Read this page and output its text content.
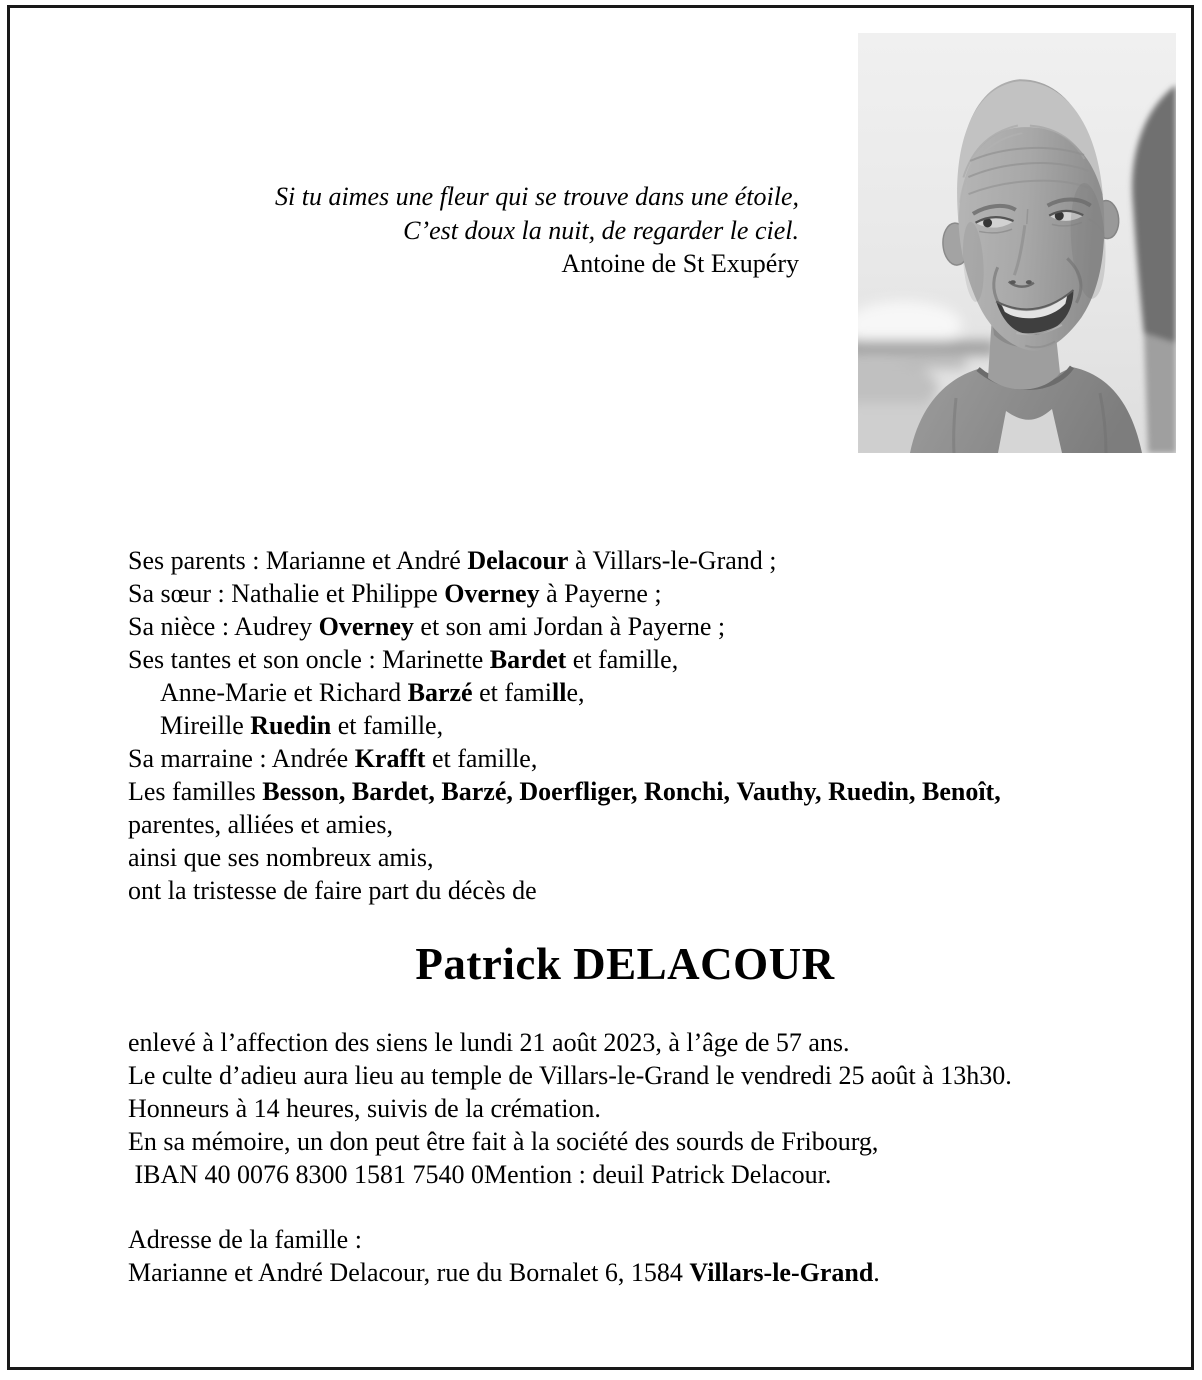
Si tu aimes une fleur qui se trouve dans une étoile,
C’est doux la nuit, de regarder le ciel.
Antoine de St Exupéry
Ses parents : Marianne et André Delacour à Villars-le-Grand ;
Sa sœur : Nathalie et Philippe Overney à Payerne ;
Sa nièce : Audrey Overney et son ami Jordan à Payerne ;
Ses tantes et son oncle : Marinette Bardet et famille,
Anne-Marie et Richard Barzé et famille,
Mireille Ruedin et famille,
Sa marraine : Andrée Krafft et famille,
Les familles Besson, Bardet, Barzé, Doerfliger, Ronchi, Vauthy, Ruedin, Benoît,
parentes, alliées et amies,
ainsi que ses nombreux amis,
ont la tristesse de faire part du décès de
Patrick DELACOUR
enlevé à l’affection des siens le lundi 21 août 2023, à l’âge de 57 ans.
Le culte d’adieu aura lieu au temple de Villars-le-Grand le vendredi 25 août à 13h30.
Honneurs à 14 heures, suivis de la crémation.
En sa mémoire, un don peut être fait à la société des sourds de Fribourg,
IBAN 40 0076 8300 1581 7540 0Mention : deuil Patrick Delacour.
Adresse de la famille :
Marianne et André Delacour, rue du Bornalet 6, 1584 Villars-le-Grand.
